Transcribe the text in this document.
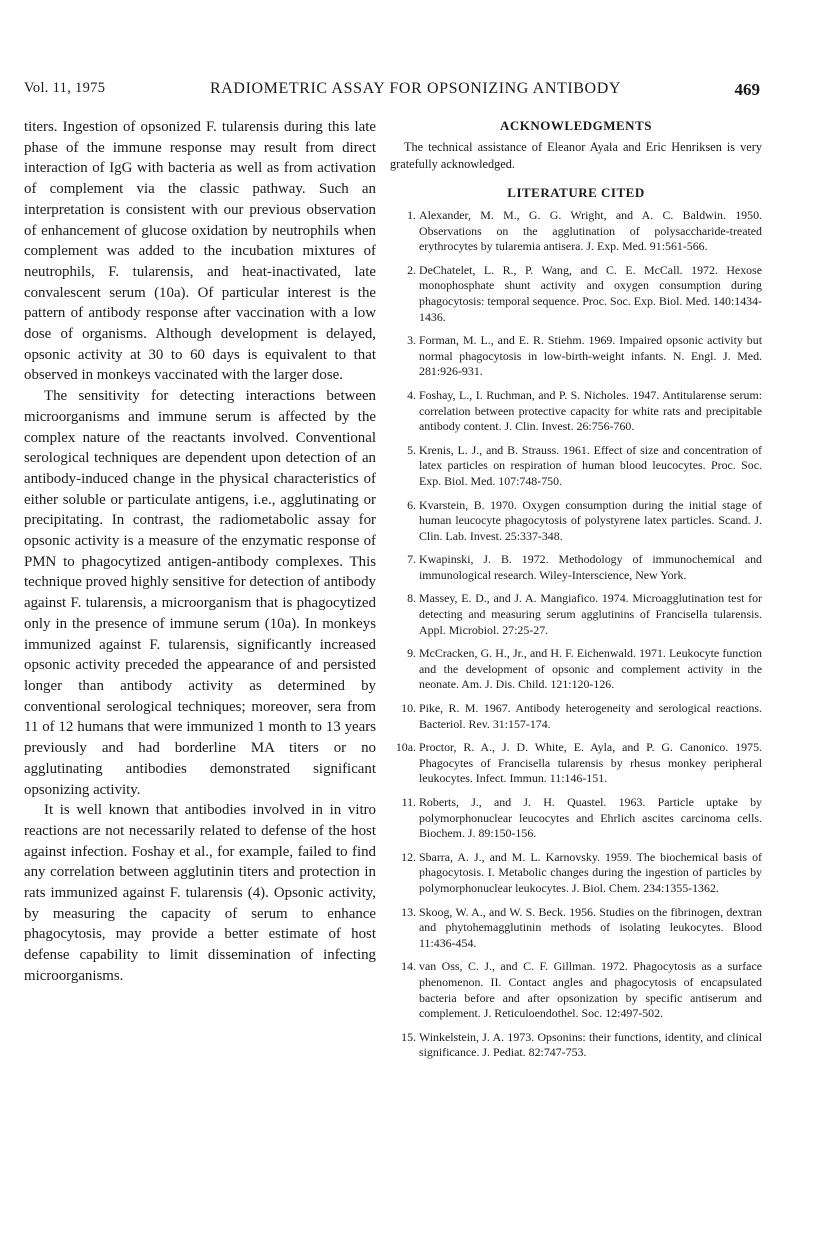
Vol. 11, 1975	RADIOMETRIC ASSAY FOR OPSONIZING ANTIBODY	469

titers. Ingestion of opsonized F. tularensis during this late phase of the immune response may result from direct interaction of IgG with bacteria as well as from activation of complement via the classic pathway. Such an interpretation is consistent with our previous observation of enhancement of glucose oxidation by neutrophils when complement was added to the incubation mixtures of neutrophils, F. tularensis, and heat-inactivated, late convalescent serum (10a). Of particular interest is the pattern of antibody response after vaccination with a low dose of organisms. Although development is delayed, opsonic activity at 30 to 60 days is equivalent to that observed in monkeys vaccinated with the larger dose.

The sensitivity for detecting interactions between microorganisms and immune serum is affected by the complex nature of the reactants involved. Conventional serological techniques are dependent upon detection of an antibody-induced change in the physical characteristics of either soluble or particulate antigens, i.e., agglutinating or precipitating. In contrast, the radiometabolic assay for opsonic activity is a measure of the enzymatic response of PMN to phagocytized antigen-antibody complexes. This technique proved highly sensitive for detection of antibody against F. tularensis, a microorganism that is phagocytized only in the presence of immune serum (10a). In monkeys immunized against F. tularensis, significantly increased opsonic activity preceded the appearance of and persisted longer than antibody activity as determined by conventional serological techniques; moreover, sera from 11 of 12 humans that were immunized 1 month to 13 years previously and had borderline MA titers or no agglutinating antibodies demonstrated significant opsonizing activity.

It is well known that antibodies involved in in vitro reactions are not necessarily related to defense of the host against infection. Foshay et al., for example, failed to find any correlation between agglutinin titers and protection in rats immunized against F. tularensis (4). Opsonic activity, by measuring the capacity of serum to enhance phagocytosis, may provide a better estimate of host defense capability to limit dissemination of infecting microorganisms.

ACKNOWLEDGMENTS

The technical assistance of Eleanor Ayala and Eric Henriksen is very gratefully acknowledged.

LITERATURE CITED
1. Alexander, M. M., G. G. Wright, and A. C. Baldwin. 1950. Observations on the agglutination of polysaccharide-treated erythrocytes by tularemia antisera. J. Exp. Med. 91:561-566.
2. DeChatelet, L. R., P. Wang, and C. E. McCall. 1972. Hexose monophosphate shunt activity and oxygen consumption during phagocytosis: temporal sequence. Proc. Soc. Exp. Biol. Med. 140:1434-1436.
3. Forman, M. L., and E. R. Stiehm. 1969. Impaired opsonic activity but normal phagocytosis in low-birth-weight infants. N. Engl. J. Med. 281:926-931.
4. Foshay, L., I. Ruchman, and P. S. Nicholes. 1947. Antitularense serum: correlation between protective capacity for white rats and precipitable antibody content. J. Clin. Invest. 26:756-760.
5. Krenis, L. J., and B. Strauss. 1961. Effect of size and concentration of latex particles on respiration of human blood leucocytes. Proc. Soc. Exp. Biol. Med. 107:748-750.
6. Kvarstein, B. 1970. Oxygen consumption during the initial stage of human leucocyte phagocytosis of polystyrene latex particles. Scand. J. Clin. Lab. Invest. 25:337-348.
7. Kwapinski, J. B. 1972. Methodology of immunochemical and immunological research. Wiley-Interscience, New York.
8. Massey, E. D., and J. A. Mangiafico. 1974. Microagglutination test for detecting and measuring serum agglutinins of Francisella tularensis. Appl. Microbiol. 27:25-27.
9. McCracken, G. H., Jr., and H. F. Eichenwald. 1971. Leukocyte function and the development of opsonic and complement activity in the neonate. Am. J. Dis. Child. 121:120-126.
10. Pike, R. M. 1967. Antibody heterogeneity and serological reactions. Bacteriol. Rev. 31:157-174.
10a. Proctor, R. A., J. D. White, E. Ayla, and P. G. Canonico. 1975. Phagocytes of Francisella tularensis by rhesus monkey peripheral leukocytes. Infect. Immun. 11:146-151.
11. Roberts, J., and J. H. Quastel. 1963. Particle uptake by polymorphonuclear leucocytes and Ehrlich ascites carcinoma cells. Biochem. J. 89:150-156.
12. Sbarra, A. J., and M. L. Karnovsky. 1959. The biochemical basis of phagocytosis. I. Metabolic changes during the ingestion of particles by polymorphonuclear leukocytes. J. Biol. Chem. 234:1355-1362.
13. Skoog, W. A., and W. S. Beck. 1956. Studies on the fibrinogen, dextran and phytohemagglutinin methods of isolating leukocytes. Blood 11:436-454.
14. van Oss, C. J., and C. F. Gillman. 1972. Phagocytosis as a surface phenomenon. II. Contact angles and phagocytosis of encapsulated bacteria before and after opsonization by specific antiserum and complement. J. Reticuloendothel. Soc. 12:497-502.
15. Winkelstein, J. A. 1973. Opsonins: their functions, identity, and clinical significance. J. Pediat. 82:747-753.
